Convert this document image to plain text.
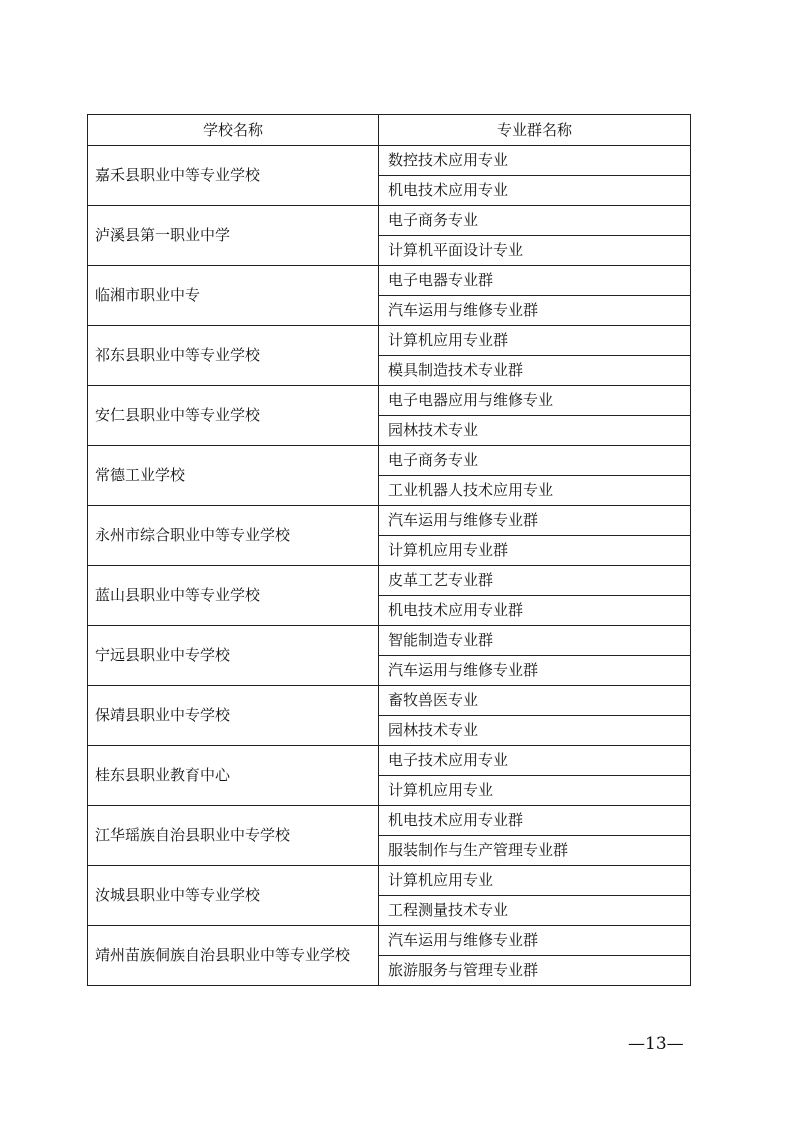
学校名称	专业群名称
嘉禾县职业中等专业学校	数控技术应用专业
	机电技术应用专业
泸溪县第一职业中学	电子商务专业
	计算机平面设计专业
临湘市职业中专	电子电器专业群
	汽车运用与维修专业群
祁东县职业中等专业学校	计算机应用专业群
	模具制造技术专业群
安仁县职业中等专业学校	电子电器应用与维修专业
	园林技术专业
常德工业学校	电子商务专业
	工业机器人技术应用专业
永州市综合职业中等专业学校	汽车运用与维修专业群
	计算机应用专业群
蓝山县职业中等专业学校	皮革工艺专业群
	机电技术应用专业群
宁远县职业中专学校	智能制造专业群
	汽车运用与维修专业群
保靖县职业中专学校	畜牧兽医专业
	园林技术专业
桂东县职业教育中心	电子技术应用专业
	计算机应用专业
江华瑶族自治县职业中专学校	机电技术应用专业群
	服装制作与生产管理专业群
汝城县职业中等专业学校	计算机应用专业
	工程测量技术专业
靖州苗族侗族自治县职业中等专业学校	汽车运用与维修专业群
	旅游服务与管理专业群
—13—
